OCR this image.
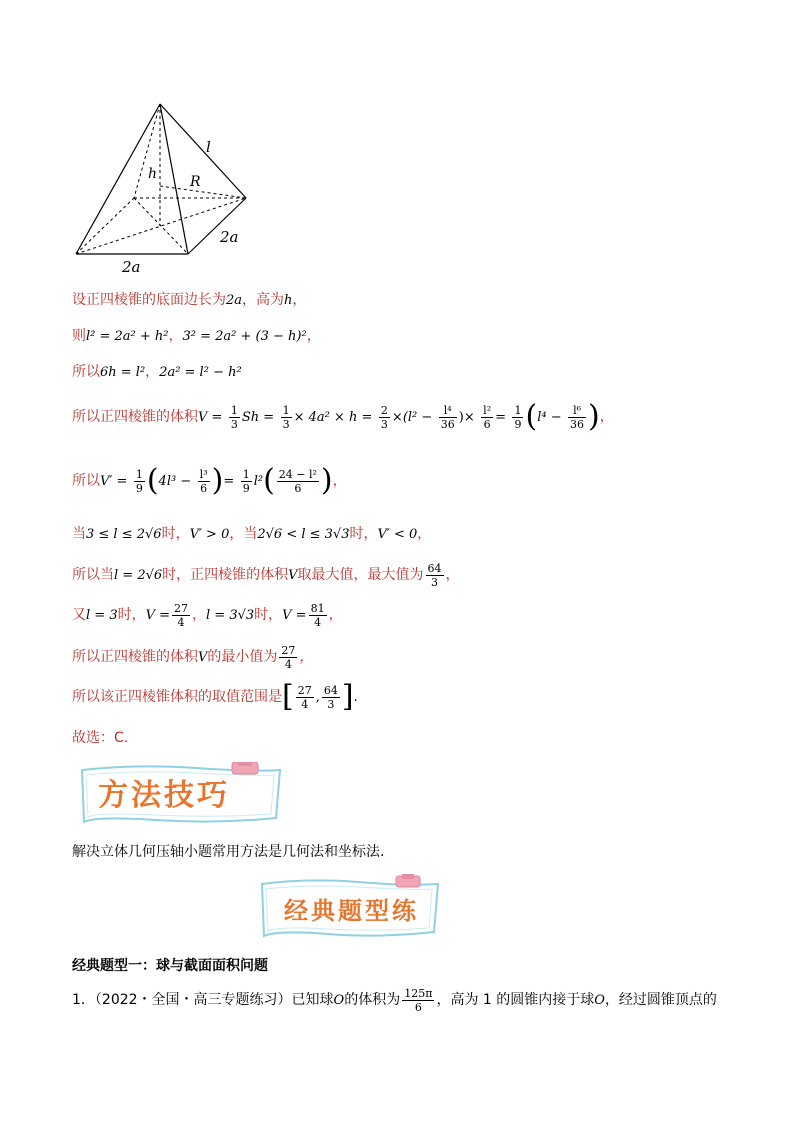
l
h R
2a
2a
设正四棱锥的底面边长为2a，高为h，
则l² = 2a² + h²，3² = 2a² + (3 − h)²，
所以6h = l²，2a² = l² − h²
所以正四棱锥的体积$V = \frac{1}{3}$ $Sh = \frac{1}{3} \times 4a^2 \times h = \frac{2}{3} \times(l^2 - \frac{\text{l⁴}}{36}$ )× $\frac{\text{l²}}{6} = \frac{1}{9} (l^4 - \frac{\text{l⁶}}{36}$ )，
所以$V' = \frac{1}{9} (4l^3 - \frac{\text{l³}}{6}$ )= $\frac{1}{9} l^2( \frac{\text{24 − l²}}{6}$ )，
当3 ≤ l ≤ 2√6时，V′ > 0，当2√6 < l ≤ 3√3时，V′ < 0，
所以当l = 2√6时，正四棱锥的体积V取最大值，最大值为 $\frac{64}{3}$ ，
又l = 3时，$V = \frac{27}{4}$ ，l = 3√3时，$V = \frac{81}{4}$ ，
所以正四棱锥的体积V的最小值为 $\frac{27}{4}$ ，
所以该正四棱锥体积的取值范围是[ $\frac{27}{4}$ , $\frac{64}{3}$ ].
故选：C.
方法技巧
解决立体几何压轴小题常用方法是几何法和坐标法.
经典题型练
经典题型一：球与截面面积问题
1．（2022・全国・高三专题练习）已知球O的体积为 $\frac{125\pi}{6}$ ，高为 1 的圆锥内接于球O，经过圆锥顶点的
